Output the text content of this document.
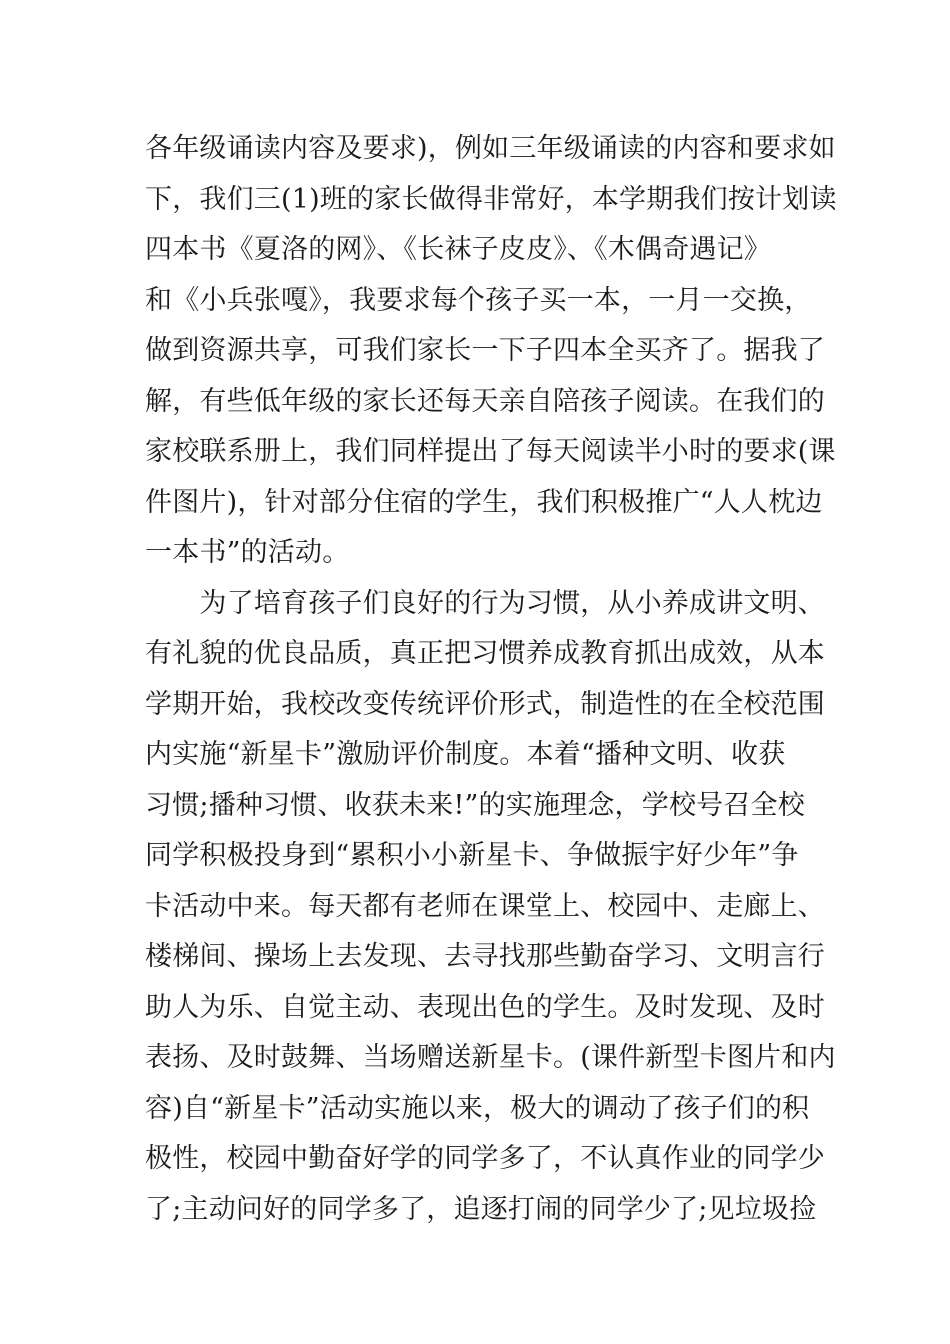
各年级诵读内容及要求)，例如三年级诵读的内容和要求如
下，我们三(1)班的家长做得非常好，本学期我们按计划读
四本书《夏洛的网》、《长袜子皮皮》、《木偶奇遇记》
和《小兵张嘎》，我要求每个孩子买一本，一月一交换，
做到资源共享，可我们家长一下子四本全买齐了。据我了
解，有些低年级的家长还每天亲自陪孩子阅读。在我们的
家校联系册上，我们同样提出了每天阅读半小时的要求(课
件图片)，针对部分住宿的学生，我们积极推广“人人枕边
一本书”的活动。
　　为了培育孩子们良好的行为习惯，从小养成讲文明、
有礼貌的优良品质，真正把习惯养成教育抓出成效，从本
学期开始，我校改变传统评价形式，制造性的在全校范围
内实施“新星卡”激励评价制度。本着“播种文明、收获
习惯;播种习惯、收获未来!”的实施理念，学校号召全校
同学积极投身到“累积小小新星卡、争做振宇好少年”争
卡活动中来。每天都有老师在课堂上、校园中、走廊上、
楼梯间、操场上去发现、去寻找那些勤奋学习、文明言行
助人为乐、自觉主动、表现出色的学生。及时发现、及时
表扬、及时鼓舞、当场赠送新星卡。(课件新型卡图片和内
容)自“新星卡”活动实施以来，极大的调动了孩子们的积
极性，校园中勤奋好学的同学多了，不认真作业的同学少
了;主动问好的同学多了，追逐打闹的同学少了;见垃圾捡
